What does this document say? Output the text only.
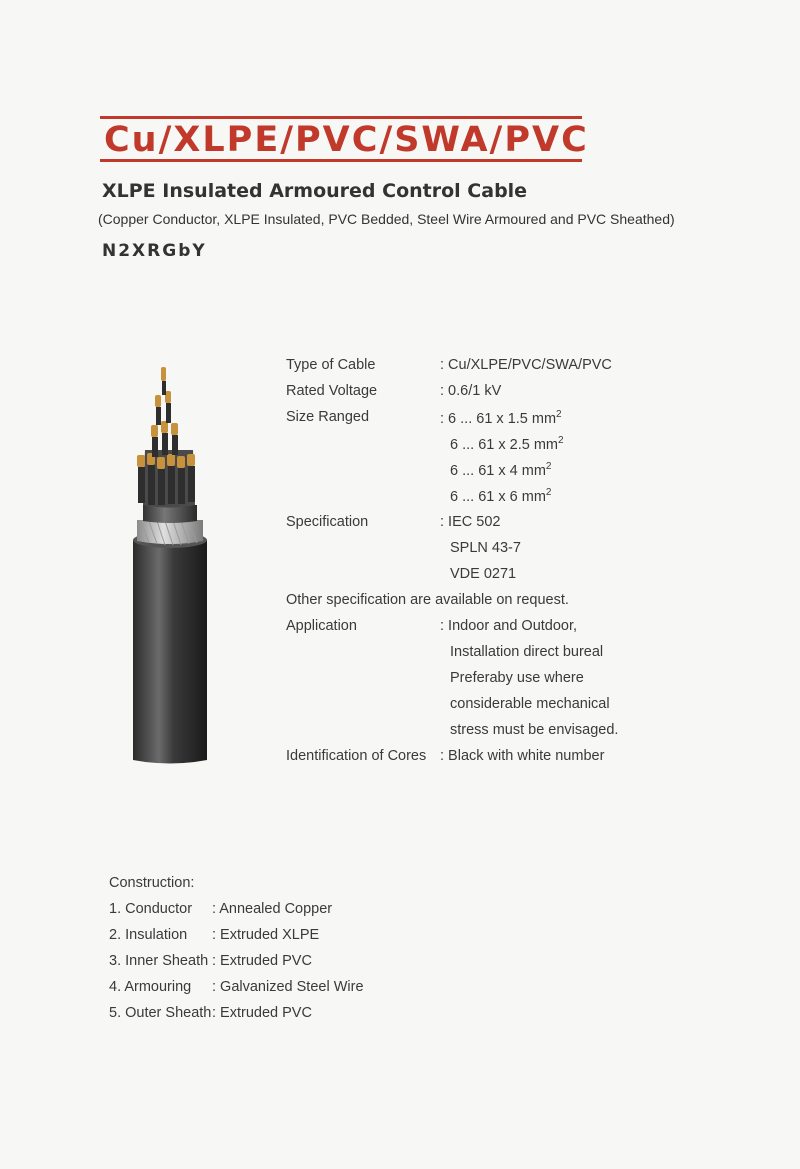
Cu/XLPE/PVC/SWA/PVC
XLPE Insulated Armoured Control Cable
(Copper Conductor, XLPE Insulated, PVC Bedded, Steel Wire Armoured and PVC Sheathed)
N2XRGbY
Type of Cable	: Cu/XLPE/PVC/SWA/PVC
Rated Voltage	: 0.6/1 kV
Size Ranged	: 6 ... 61 x 1.5 $mm^2$
6 ... 61 x 2.5 $mm^2$
6 ... 61 x 4 $mm^2$
6 ... 61 x 6 $mm^2$
Specification	: IEC 502
SPLN 43-7
VDE 0271
Other specification are available on request.
Application	: Indoor and Outdoor,
Installation direct bureal
Preferaby use where
considerable mechanical
stress must be envisaged.
Identification of Cores : Black with white number
Construction:
1. Conductor : Annealed Copper
2. Insulation : Extruded XLPE
3. Inner Sheath : Extruded PVC
4. Armouring : Galvanized Steel Wire
5. Outer Sheath : Extruded PVC
